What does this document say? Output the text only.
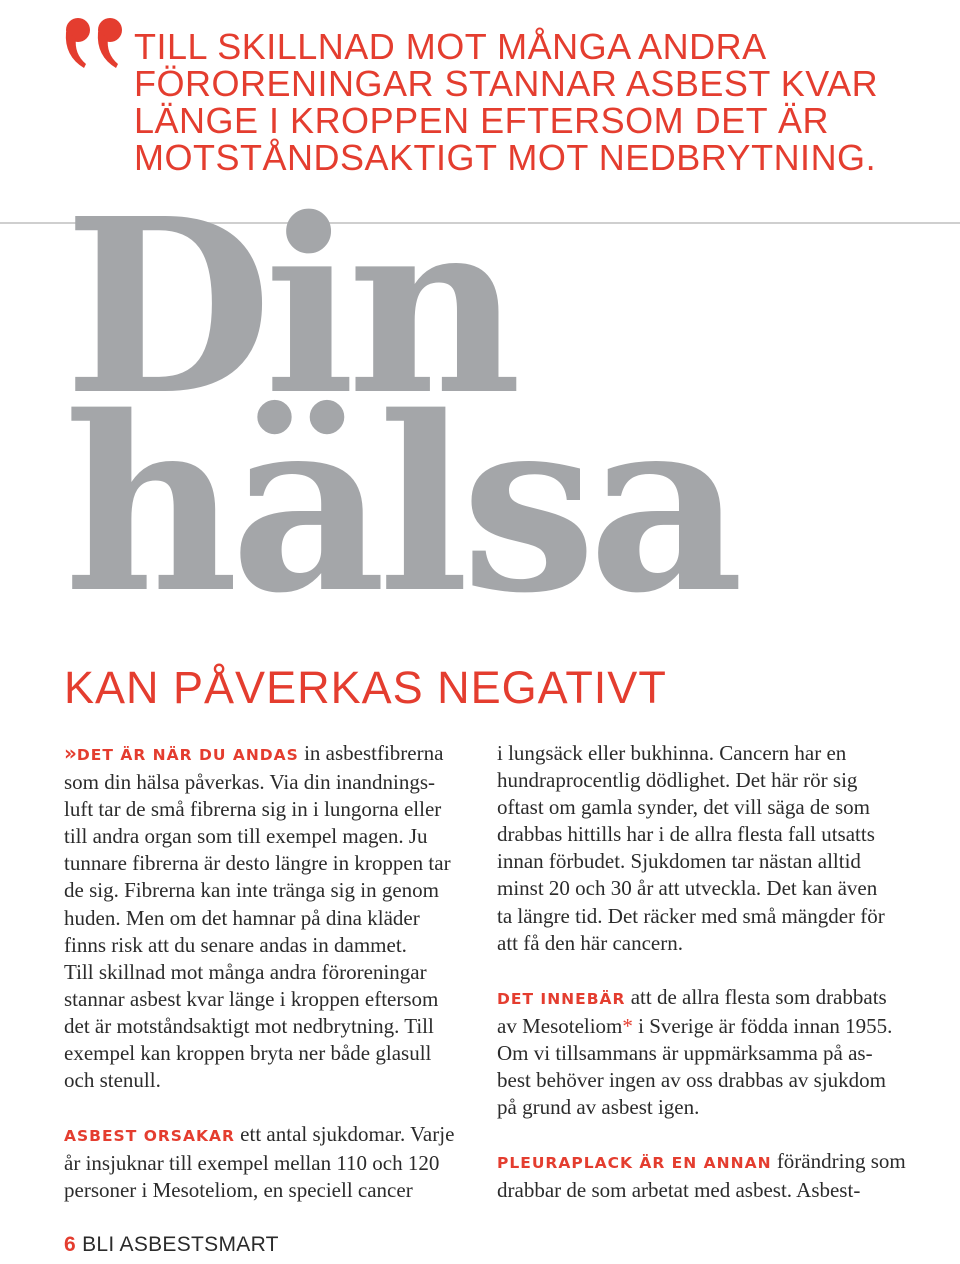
TILL SKILLNAD MOT MÅNGA ANDRA
FÖRORENINGAR STANNAR ASBEST KVAR
LÄNGE I KROPPEN EFTERSOM DET ÄR
MOTSTÅNDSAKTIGT MOT NEDBRYTNING.
Din
hälsa
KAN PÅVERKAS NEGATIVT

»DET ÄR NÄR DU ANDAS in asbestfibrerna
som din hälsa påverkas. Via din inandnings-
luft tar de små fibrerna sig in i lungorna eller
till andra organ som till exempel magen. Ju
tunnare fibrerna är desto längre in kroppen tar
de sig. Fibrerna kan inte tränga sig in genom
huden. Men om det hamnar på dina kläder
finns risk att du senare andas in dammet.
Till skillnad mot många andra föroreningar
stannar asbest kvar länge i kroppen eftersom
det är motståndsaktigt mot nedbrytning. Till
exempel kan kroppen bryta ner både glasull
och stenull.

ASBEST ORSAKAR ett antal sjukdomar. Varje
år insjuknar till exempel mellan 110 och 120
personer i Mesoteliom, en speciell cancer

i lungsäck eller bukhinna. Cancern har en
hundraprocentlig dödlighet. Det här rör sig
oftast om gamla synder, det vill säga de som
drabbas hittills har i de allra flesta fall utsatts
innan förbudet. Sjukdomen tar nästan alltid
minst 20 och 30 år att utveckla. Det kan även
ta längre tid. Det räcker med små mängder för
att få den här cancern.

DET INNEBÄR att de allra flesta som drabbats
av Mesoteliom* i Sverige är födda innan 1955.
Om vi tillsammans är uppmärksamma på as-
best behöver ingen av oss drabbas av sjukdom
på grund av asbest igen.

PLEURAPLACK ÄR EN ANNAN förändring som
drabbar de som arbetat med asbest. Asbest-

6 BLI ASBESTSMART
